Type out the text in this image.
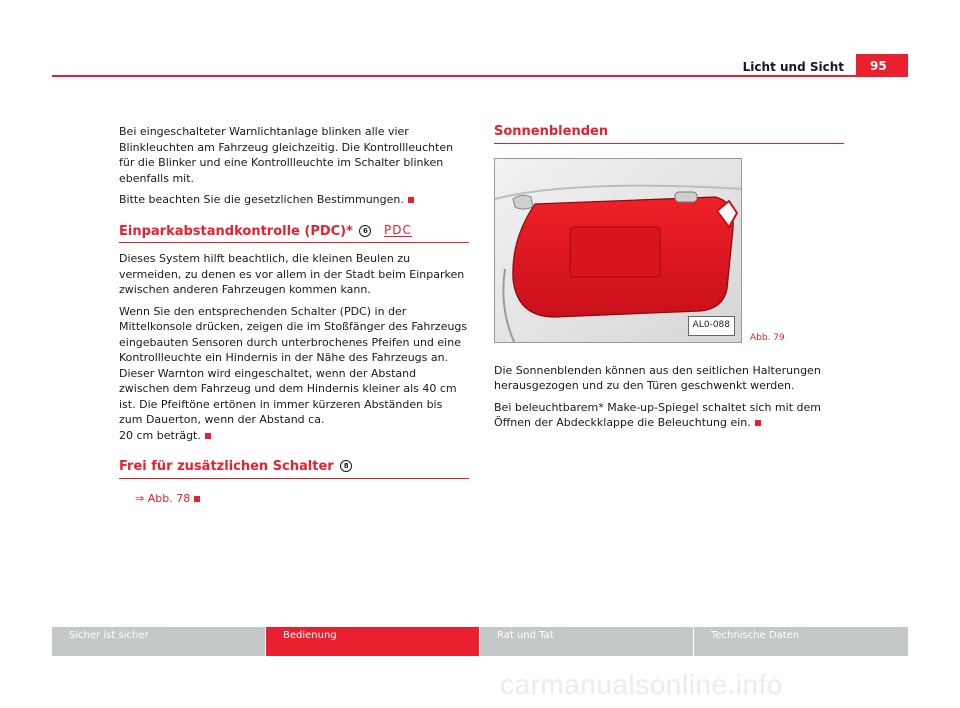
Licht und Sicht	95

Bei eingeschalteter Warnlichtanlage blinken alle vier Blinkleuchten am Fahrzeug gleichzeitig. Die Kontrollleuchten für die Blinker und eine Kontrollleuchte im Schalter blinken ebenfalls mit.

Bitte beachten Sie die gesetzlichen Bestimmungen.

Einparkabstandkontrolle (PDC)* 6 PDC

Dieses System hilft beachtlich, die kleinen Beulen zu vermeiden, zu denen es vor allem in der Stadt beim Einparken zwischen anderen Fahrzeugen kommen kann.

Wenn Sie den entsprechenden Schalter (PDC) in der Mittelkonsole drücken, zeigen die im Stoßfänger des Fahrzeugs eingebauten Sensoren durch unterbrochenes Pfeifen und eine Kontrollleuchte ein Hindernis in der Nähe des Fahrzeugs an. Dieser Warnton wird eingeschaltet, wenn der Abstand zwischen dem Fahrzeug und dem Hindernis kleiner als 40 cm ist. Die Pfeiftöne ertönen in immer kürzeren Abständen bis zum Dauerton, wenn der Abstand ca.
20 cm beträgt.

Frei für zusätzlichen Schalter 8

⇒ Abb. 78

Sonnenblenden
AL0-088
Abb. 79

Die Sonnenblenden können aus den seitlichen Halterungen herausgezogen und zu den Türen geschwenkt werden.

Bei beleuchtbarem* Make-up-Spiegel schaltet sich mit dem Öffnen der Abdeckklappe die Beleuchtung ein.

Sicher ist sicher	Bedienung	Rat und Tat	Technische Daten
carmanualsonline.info
